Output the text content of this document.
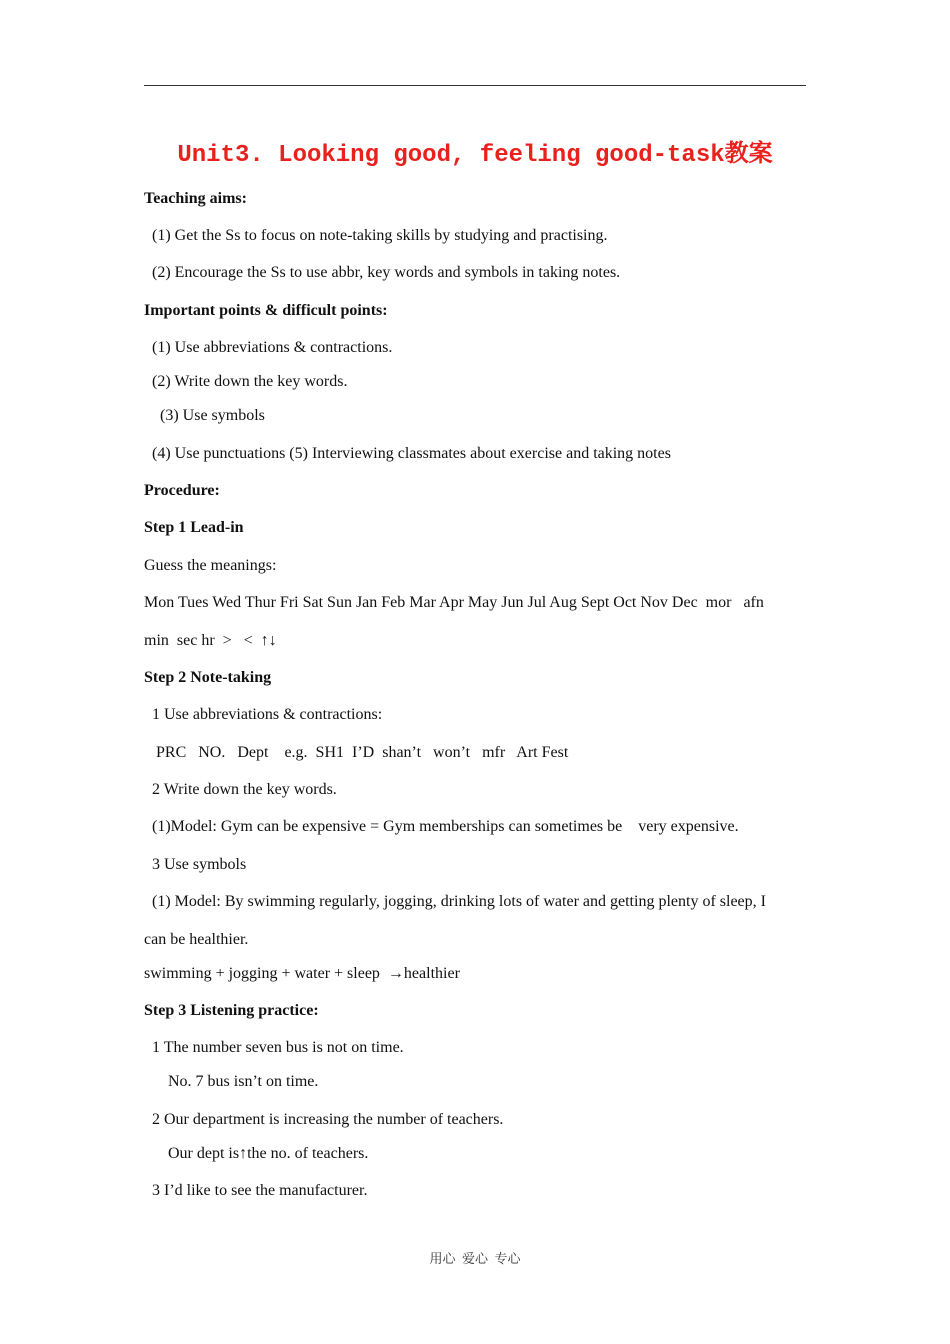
Unit3. Looking good, feeling good-task教案
Teaching aims:
(1) Get the Ss to focus on note-taking skills by studying and practising.
(2) Encourage the Ss to use abbr, key words and symbols in taking notes.
Important points & difficult points:
(1) Use abbreviations & contractions.
(2) Write down the key words.
(3) Use symbols
(4) Use punctuations (5) Interviewing classmates about exercise and taking notes
Procedure:
Step 1 Lead-in
Guess the meanings:
Mon Tues Wed Thur Fri Sat Sun Jan Feb Mar Apr May Jun Jul Aug Sept Oct Nov Dec  mor   afn
min  sec hr  >   <  ↑↓
Step 2 Note-taking
1 Use abbreviations & contractions:
PRC   NO.   Dept    e.g.  SH1  I’D  shan’t   won’t   mfr   Art Fest
2 Write down the key words.
(1)Model: Gym can be expensive = Gym memberships can sometimes be    very expensive.
3 Use symbols
(1) Model: By swimming regularly, jogging, drinking lots of water and getting plenty of sleep, I
can be healthier.
swimming + jogging + water + sleep  →healthier
Step 3 Listening practice:
1 The number seven bus is not on time.
No. 7 bus isn’t on time.
2 Our department is increasing the number of teachers.
Our dept is↑the no. of teachers.
3 I’d like to see the manufacturer.
用心  爱心  专心
